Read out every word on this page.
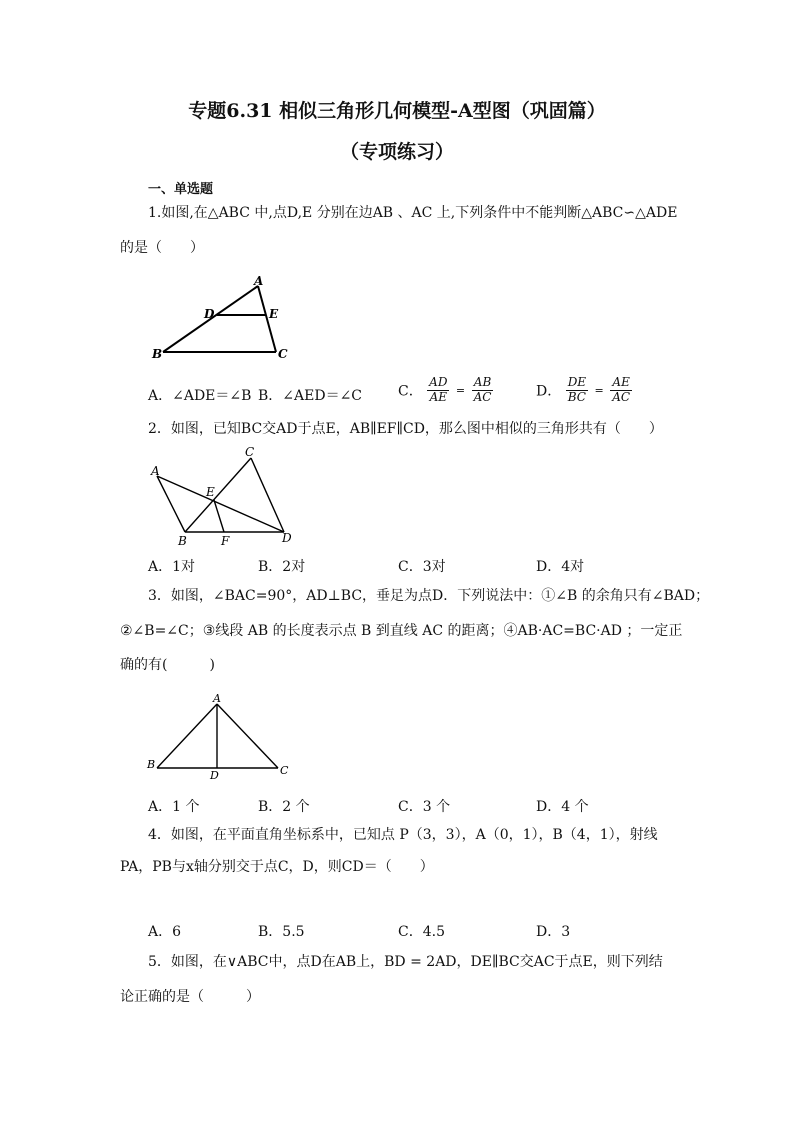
专题6.31 相似三角形几何模型-A型图（巩固篇）
（专项练习）
一、单选题
1.如图,在△ABC 中,点D,E 分别在边AB 、AC 上,下列条件中不能判断△ABC∽△ADE
的是（　　）
A
B	C
D	E
A．∠ADE＝∠B B．∠AED＝∠C	C． $\frac{AD}{AE} = \frac{AB}{AC}$	D． $\frac{DE}{BC} = \frac{AE}{AC}$
2．如图，已知BC交AD于点E，AB∥EF∥CD，那么图中相似的三角形共有（　　）
A
B
C
D
E
F
A．1对	B．2对	C．3对	D．4对
3．如图，∠BAC=90°，AD⊥BC，垂足为点D．下列说法中：①∠B 的余角只有∠BAD；
②∠B=∠C；③线段 AB 的长度表示点 B 到直线 AC 的距离；④AB·AC=BC·AD ；一定正
确的有(　　　)
A
B	C
D
A．1 个	B．2 个	C．3 个	D．4 个
4．如图，在平面直角坐标系中，已知点 P（3，3），A（0，1），B（4，1），射线
PA，PB与x轴分别交于点C，D，则CD＝（　　）
A．6	B．5.5	C．4.5	D．3
5．如图，在∨ABC中，点D在AB上，BD = 2AD，DE∥BC交AC于点E，则下列结
论正确的是（　　　）
